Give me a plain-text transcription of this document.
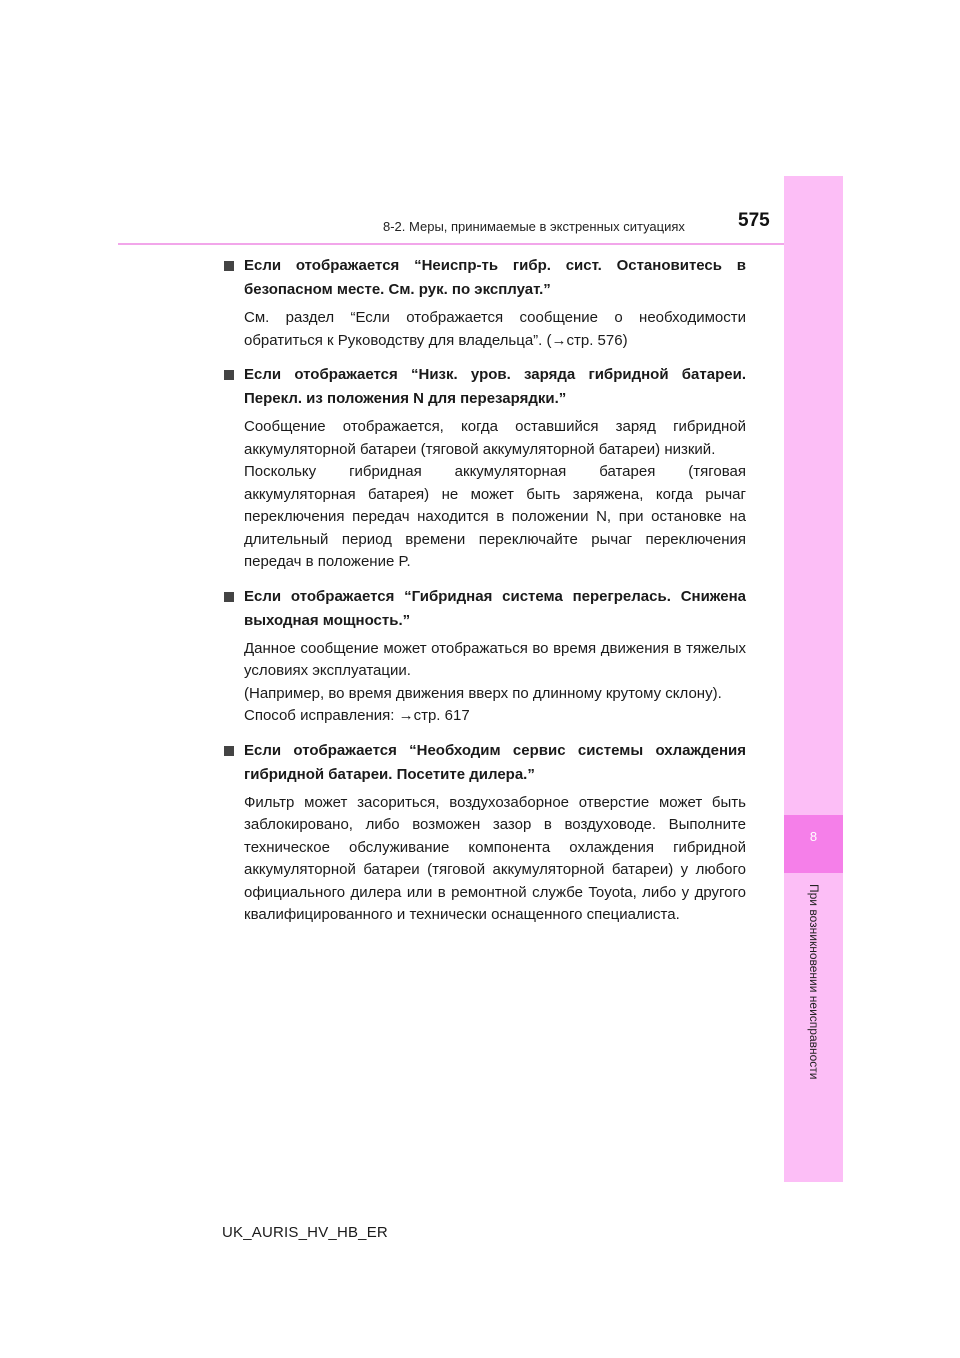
8-2. Меры, принимаемые в экстренных ситуациях	575
8
При возникновении неисправности
Если отображается “Неиспр-ть гибр. сист. Остановитесь в безопасном месте. См. рук. по эксплуат.”

См. раздел “Если отображается сообщение о необходимости обратиться к Руководству для владельца”. (→стр. 576)

Если отображается “Низк. уров. заряда гибридной батареи. Перекл. из положения N для перезарядки.”

Сообщение отображается, когда оставшийся заряд гибридной аккумуляторной батареи (тяговой аккумуляторной батареи) низкий.

Поскольку гибридная аккумуляторная батарея (тяговая аккумуляторная батарея) не может быть заряжена, когда рычаг переключения передач находится в положении N, при остановке на длительный период времени переключайте рычаг переключения передач в положение P.

Если отображается “Гибридная система перегрелась. Снижена выходная мощность.”

Данное сообщение может отображаться во время движения в тяжелых условиях эксплуатации.

(Например, во время движения вверх по длинному крутому склону).

Способ исправления: →стр. 617

Если отображается “Необходим сервис системы охлаждения гибридной батареи. Посетите дилера.”

Фильтр может засориться, воздухозаборное отверстие может быть заблокировано, либо возможен зазор в воздуховоде. Выполните техническое обслуживание компонента охлаждения гибридной аккумуляторной батареи (тяговой аккумуляторной батареи) у любого официального дилера или в ремонтной службе Toyota, либо у другого квалифицированного и технически оснащенного специалиста.

UK_AURIS_HV_HB_ER
